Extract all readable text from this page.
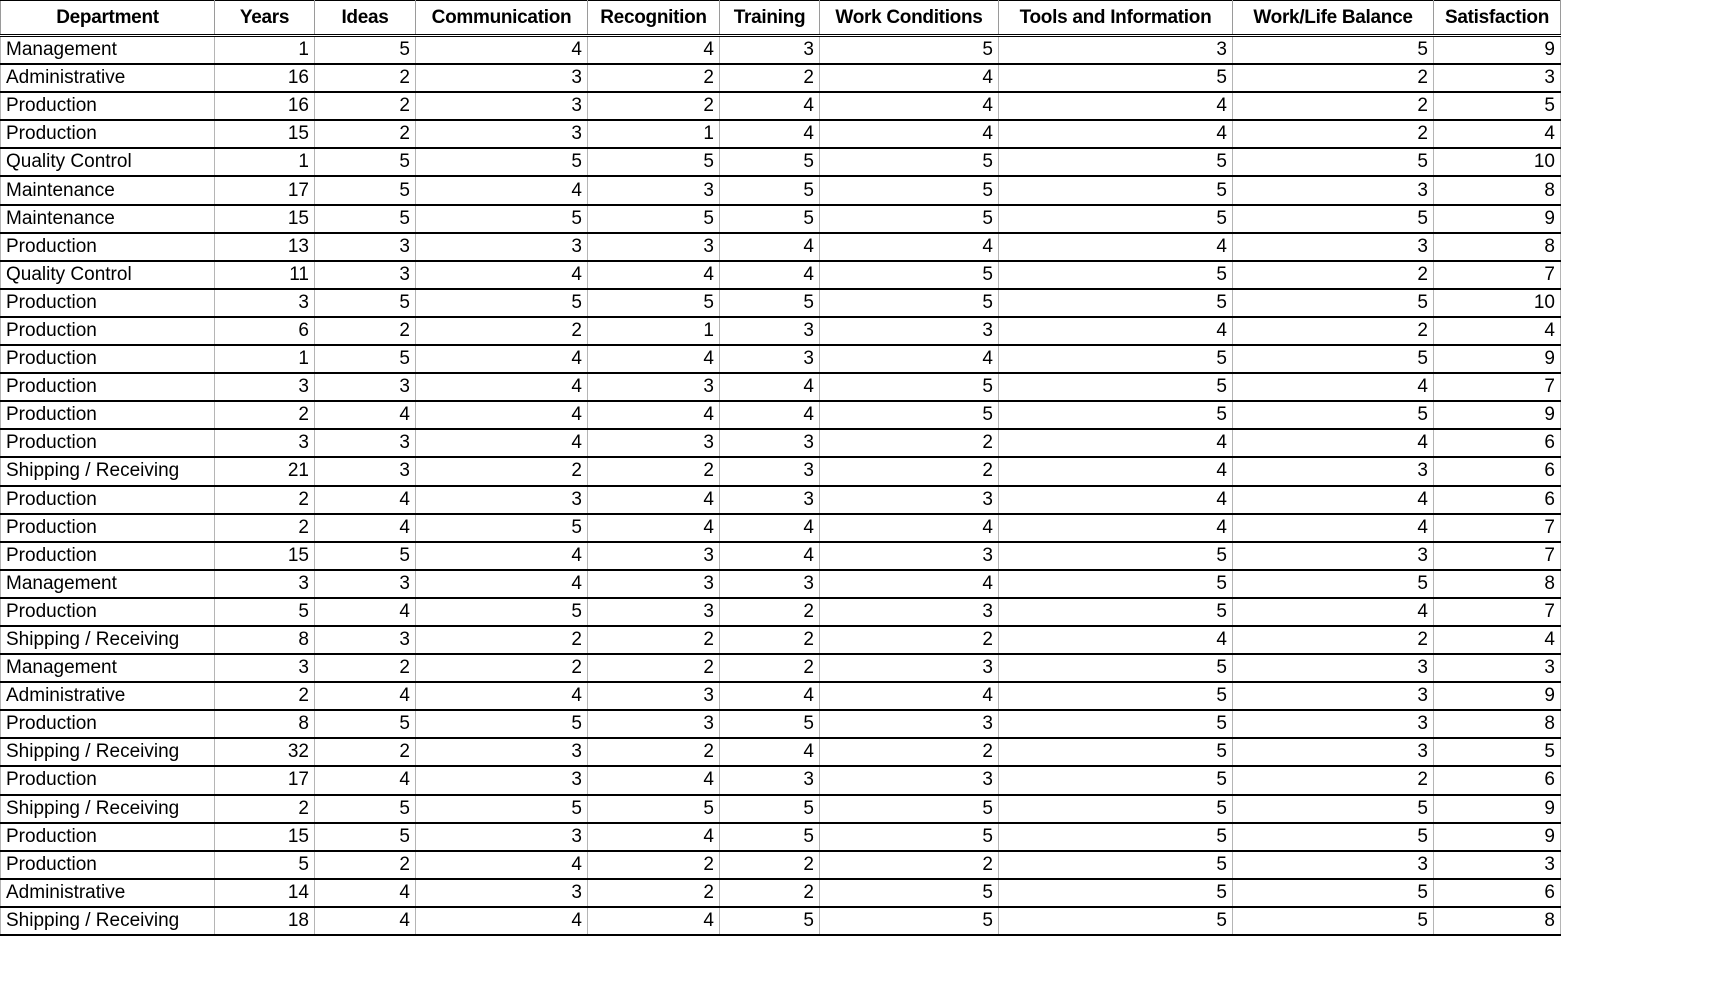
Department	Years	Ideas	Communication	Recognition	Training	Work Conditions	Tools and Information	Work/Life Balance	Satisfaction
Management	1	5	4	4	3	5	3	5	9
Administrative	16	2	3	2	2	4	5	2	3
Production	16	2	3	2	4	4	4	2	5
Production	15	2	3	1	4	4	4	2	4
Quality Control	1	5	5	5	5	5	5	5	10
Maintenance	17	5	4	3	5	5	5	3	8
Maintenance	15	5	5	5	5	5	5	5	9
Production	13	3	3	3	4	4	4	3	8
Quality Control	11	3	4	4	4	5	5	2	7
Production	3	5	5	5	5	5	5	5	10
Production	6	2	2	1	3	3	4	2	4
Production	1	5	4	4	3	4	5	5	9
Production	3	3	4	3	4	5	5	4	7
Production	2	4	4	4	4	5	5	5	9
Production	3	3	4	3	3	2	4	4	6
Shipping / Receiving	21	3	2	2	3	2	4	3	6
Production	2	4	3	4	3	3	4	4	6
Production	2	4	5	4	4	4	4	4	7
Production	15	5	4	3	4	3	5	3	7
Management	3	3	4	3	3	4	5	5	8
Production	5	4	5	3	2	3	5	4	7
Shipping / Receiving	8	3	2	2	2	2	4	2	4
Management	3	2	2	2	2	3	5	3	3
Administrative	2	4	4	3	4	4	5	3	9
Production	8	5	5	3	5	3	5	3	8
Shipping / Receiving	32	2	3	2	4	2	5	3	5
Production	17	4	3	4	3	3	5	2	6
Shipping / Receiving	2	5	5	5	5	5	5	5	9
Production	15	5	3	4	5	5	5	5	9
Production	5	2	4	2	2	2	5	3	3
Administrative	14	4	3	2	2	5	5	5	6
Shipping / Receiving	18	4	4	4	5	5	5	5	8
